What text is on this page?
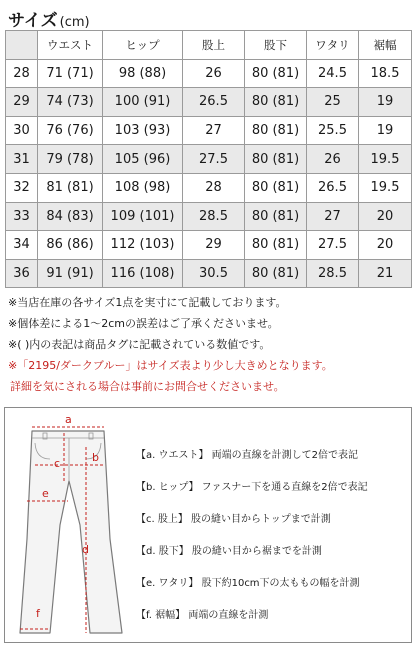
サイズ (cm)
	ウエスト	ヒップ	股上	股下	ワタリ	裾幅
28	71 (71)	98 (88)	26	80 (81)	24.5	18.5
29	74 (73)	100 (91)	26.5	80 (81)	25	19
30	76 (76)	103 (93)	27	80 (81)	25.5	19
31	79 (78)	105 (96)	27.5	80 (81)	26	19.5
32	81 (81)	108 (98)	28	80 (81)	26.5	19.5
33	84 (83)	109 (101)	28.5	80 (81)	27	20
34	86 (86)	112 (103)	29	80 (81)	27.5	20
36	91 (91)	116 (108)	30.5	80 (81)	28.5	21

※当店在庫の各サイズ1点を実寸にて記載しております。

※個体差による1〜2cmの誤差はご了承くださいませ。

※( )内の表記は商品タグに記載されている数値です。

※「2195/ダークブルー」はサイズ表より少し大きめとなります。

詳細を気にされる場合は事前にお問合せくださいませ。

a
b
c
d
e
f
【a. ウエスト】 両端の直線を計測して2倍で表記
【b. ヒップ】 ファスナー下を通る直線を2倍で表記
【c. 股上】 股の縫い目からトップまで計測
【d. 股下】 股の縫い目から裾までを計測
【e. ワタリ】 股下約10cm下の太ももの幅を計測
【f. 裾幅】 両端の直線を計測
